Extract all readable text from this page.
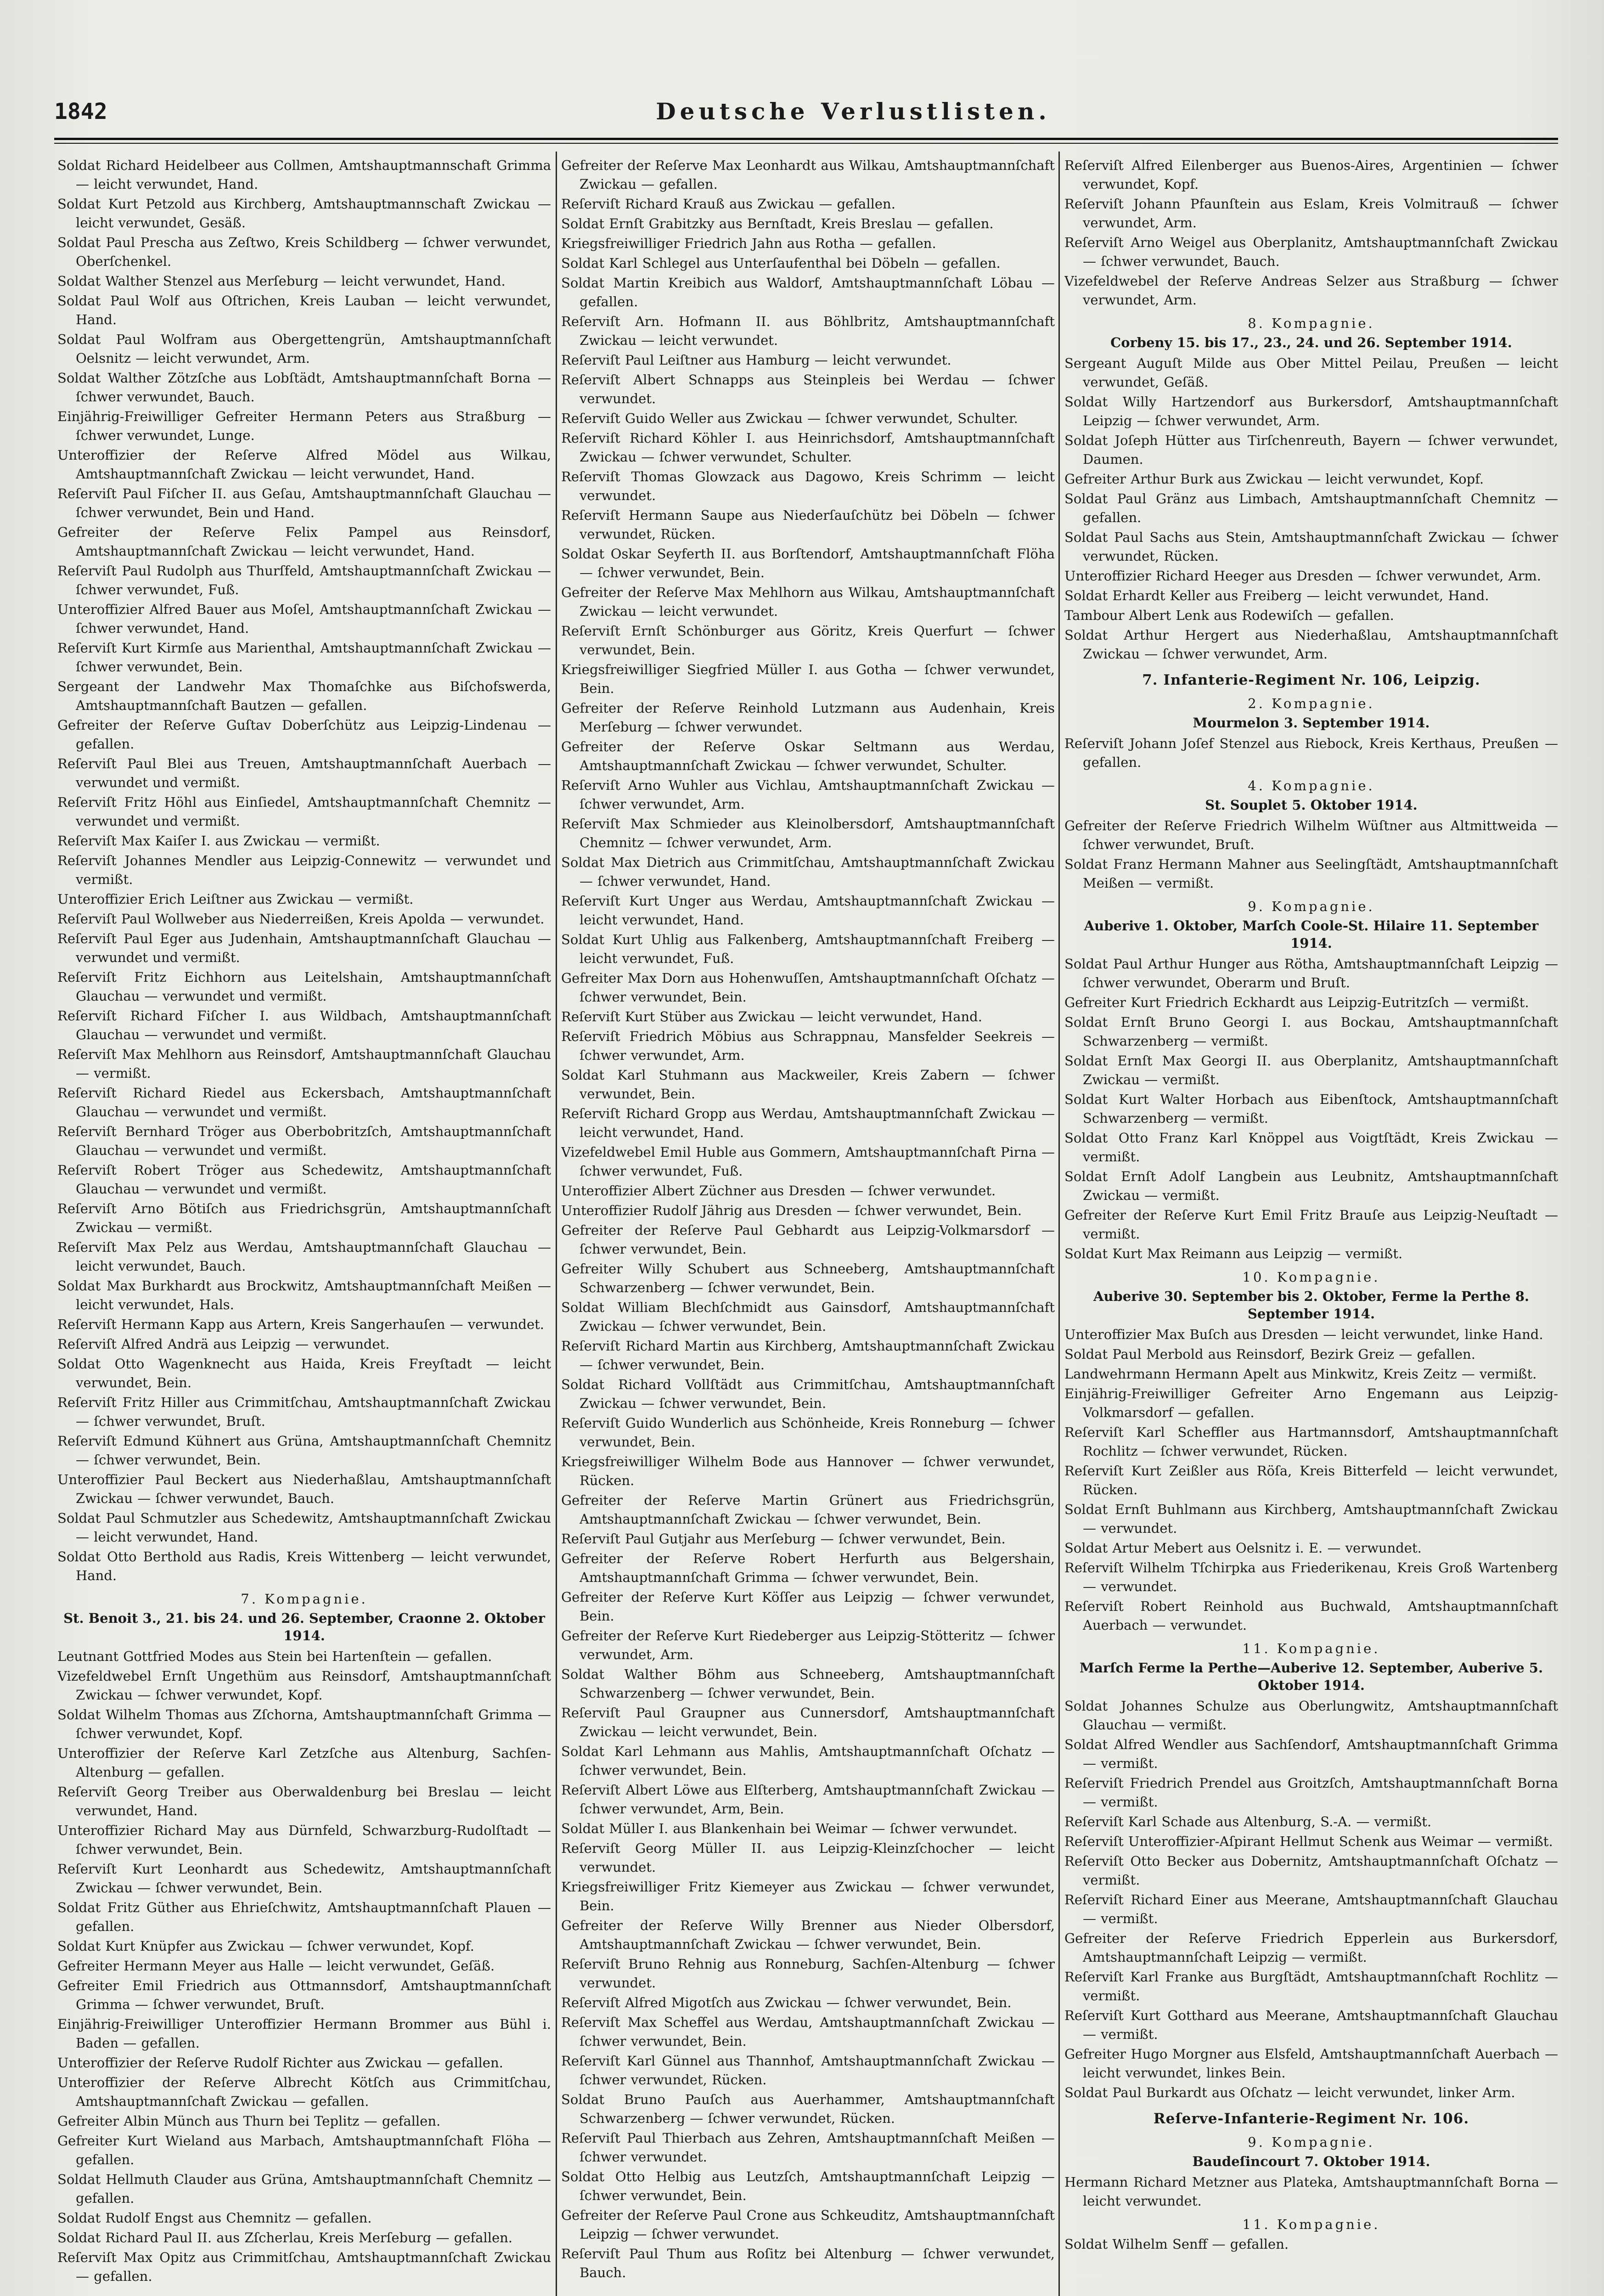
1842	Deutsche Verlustlisten.

Soldat Richard Heidelbeer aus Collmen, Amtshauptmannschaft Grimma — leicht verwundet, Hand.

Soldat Kurt Petzold aus Kirchberg, Amtshauptmannschaft Zwickau — leicht verwundet, Gesäß.

Soldat Paul Prescha aus Zeſtwo, Kreis Schildberg — ſchwer verwundet, Oberſchenkel.

Soldat Walther Stenzel aus Merſeburg — leicht verwundet, Hand.

Soldat Paul Wolf aus Oſtrichen, Kreis Lauban — leicht verwundet, Hand.

Soldat Paul Wolfram aus Obergettengrün, Amtshauptmannſchaft Oelsnitz — leicht verwundet, Arm.

Soldat Walther Zötzſche aus Lobſtädt, Amtshauptmannſchaft Borna — ſchwer verwundet, Bauch.

Einjährig-Freiwilliger Gefreiter Hermann Peters aus Straßburg — ſchwer verwundet, Lunge.

Unteroffizier der Reſerve Alfred Mödel aus Wilkau, Amtshauptmannſchaft Zwickau — leicht verwundet, Hand.

Reſerviſt Paul Fiſcher II. aus Geſau, Amtshauptmannſchaft Glauchau — ſchwer verwundet, Bein und Hand.

Gefreiter der Reſerve Felix Pampel aus Reinsdorf, Amtshauptmannſchaft Zwickau — leicht verwundet, Hand.

Reſerviſt Paul Rudolph aus Thurſfeld, Amtshauptmannſchaft Zwickau — ſchwer verwundet, Fuß.

Unteroffizier Alfred Bauer aus Moſel, Amtshauptmannſchaft Zwickau — ſchwer verwundet, Hand.

Reſerviſt Kurt Kirmſe aus Marienthal, Amtshauptmannſchaft Zwickau — ſchwer verwundet, Bein.

Sergeant der Landwehr Max Thomaſchke aus Biſchofswerda, Amtshauptmannſchaft Bautzen — gefallen.

Gefreiter der Reſerve Guſtav Doberſchütz aus Leipzig-Lindenau — gefallen.

Reſerviſt Paul Blei aus Treuen, Amtshauptmannſchaft Auerbach — verwundet und vermißt.

Reſerviſt Fritz Höhl aus Einſiedel, Amtshauptmannſchaft Chemnitz — verwundet und vermißt.

Reſerviſt Max Kaiſer I. aus Zwickau — vermißt.

Reſerviſt Johannes Mendler aus Leipzig-Connewitz — verwundet und vermißt.

Unteroffizier Erich Leiſtner aus Zwickau — vermißt.

Reſerviſt Paul Wollweber aus Niederreißen, Kreis Apolda — verwundet.

Reſerviſt Paul Eger aus Judenhain, Amtshauptmannſchaft Glauchau — verwundet und vermißt.

Reſerviſt Fritz Eichhorn aus Leitelshain, Amtshauptmannſchaft Glauchau — verwundet und vermißt.

Reſerviſt Richard Fiſcher I. aus Wildbach, Amtshauptmannſchaft Glauchau — verwundet und vermißt.

Reſerviſt Max Mehlhorn aus Reinsdorf, Amtshauptmannſchaft Glauchau — vermißt.

Reſerviſt Richard Riedel aus Eckersbach, Amtshauptmannſchaft Glauchau — verwundet und vermißt.

Reſerviſt Bernhard Tröger aus Oberbobritzſch, Amtshauptmannſchaft Glauchau — verwundet und vermißt.

Reſerviſt Robert Tröger aus Schedewitz, Amtshauptmannſchaft Glauchau — verwundet und vermißt.

Reſerviſt Arno Bötiſch aus Friedrichsgrün, Amtshauptmannſchaft Zwickau — vermißt.

Reſerviſt Max Pelz aus Werdau, Amtshauptmannſchaft Glauchau — leicht verwundet, Bauch.

Soldat Max Burkhardt aus Brockwitz, Amtshauptmannſchaft Meißen — leicht verwundet, Hals.

Reſerviſt Hermann Kapp aus Artern, Kreis Sangerhauſen — verwundet.

Reſerviſt Alfred Andrä aus Leipzig — verwundet.

Soldat Otto Wagenknecht aus Haida, Kreis Freyſtadt — leicht verwundet, Bein.

Reſerviſt Fritz Hiller aus Crimmitſchau, Amtshauptmannſchaft Zwickau — ſchwer verwundet, Bruſt.

Reſerviſt Edmund Kühnert aus Grüna, Amtshauptmannſchaft Chemnitz — ſchwer verwundet, Bein.

Unteroffizier Paul Beckert aus Niederhaßlau, Amtshauptmannſchaft Zwickau — ſchwer verwundet, Bauch.

Soldat Paul Schmutzler aus Schedewitz, Amtshauptmannſchaft Zwickau — leicht verwundet, Hand.

Soldat Otto Berthold aus Radis, Kreis Wittenberg — leicht verwundet, Hand.

7. Kompagnie.

St. Benoit 3., 21. bis 24. und 26. September, Craonne 2. Oktober 1914.

Leutnant Gottfried Modes aus Stein bei Hartenſtein — gefallen.

Vizefeldwebel Ernſt Ungethüm aus Reinsdorf, Amtshauptmannſchaft Zwickau — ſchwer verwundet, Kopf.

Soldat Wilhelm Thomas aus Zſchorna, Amtshauptmannſchaft Grimma — ſchwer verwundet, Kopf.

Unteroffizier der Reſerve Karl Zetzſche aus Altenburg, Sachſen-Altenburg — gefallen.

Reſerviſt Georg Treiber aus Oberwaldenburg bei Breslau — leicht verwundet, Hand.

Unteroffizier Richard May aus Dürnfeld, Schwarzburg-Rudolſtadt — ſchwer verwundet, Bein.

Reſerviſt Kurt Leonhardt aus Schedewitz, Amtshauptmannſchaft Zwickau — ſchwer verwundet, Bein.

Soldat Fritz Güther aus Ehrieſchwitz, Amtshauptmannſchaft Plauen — gefallen.

Soldat Kurt Knüpfer aus Zwickau — ſchwer verwundet, Kopf.

Gefreiter Hermann Meyer aus Halle — leicht verwundet, Geſäß.

Gefreiter Emil Friedrich aus Ottmannsdorf, Amtshauptmannſchaft Grimma — ſchwer verwundet, Bruſt.

Einjährig-Freiwilliger Unteroffizier Hermann Brommer aus Bühl i. Baden — gefallen.

Unteroffizier der Reſerve Rudolf Richter aus Zwickau — gefallen.

Unteroffizier der Reſerve Albrecht Kötſch aus Crimmitſchau, Amtshauptmannſchaft Zwickau — gefallen.

Gefreiter Albin Münch aus Thurn bei Teplitz — gefallen.

Gefreiter Kurt Wieland aus Marbach, Amtshauptmannſchaft Flöha — gefallen.

Soldat Hellmuth Clauder aus Grüna, Amtshauptmannſchaft Chemnitz — gefallen.

Soldat Rudolf Engst aus Chemnitz — gefallen.

Soldat Richard Paul II. aus Zſcherlau, Kreis Merſeburg — gefallen.

Reſerviſt Max Opitz aus Crimmitſchau, Amtshauptmannſchaft Zwickau — gefallen.

Gefreiter der Reſerve Max Leonhardt aus Wilkau, Amtshauptmannſchaft Zwickau — gefallen.

Reſerviſt Richard Krauß aus Zwickau — gefallen.

Soldat Ernſt Grabitzky aus Bernſtadt, Kreis Breslau — gefallen.

Kriegsfreiwilliger Friedrich Jahn aus Rotha — gefallen.

Soldat Karl Schlegel aus Unterſaufenthal bei Döbeln — gefallen.

Soldat Martin Kreibich aus Waldorf, Amtshauptmannſchaft Löbau — gefallen.

Reſerviſt Arn. Hofmann II. aus Böhlbritz, Amtshauptmannſchaft Zwickau — leicht verwundet.

Reſerviſt Paul Leiſtner aus Hamburg — leicht verwundet.

Reſerviſt Albert Schnapps aus Steinpleis bei Werdau — ſchwer verwundet.

Reſerviſt Guido Weller aus Zwickau — ſchwer verwundet, Schulter.

Reſerviſt Richard Köhler I. aus Heinrichsdorf, Amtshauptmannſchaft Zwickau — ſchwer verwundet, Schulter.

Reſerviſt Thomas Glowzack aus Dagowo, Kreis Schrimm — leicht verwundet.

Reſerviſt Hermann Saupe aus Niederſauſchütz bei Döbeln — ſchwer verwundet, Rücken.

Soldat Oskar Seyferth II. aus Borſtendorf, Amtshauptmannſchaft Flöha — ſchwer verwundet, Bein.

Gefreiter der Reſerve Max Mehlhorn aus Wilkau, Amtshauptmannſchaft Zwickau — leicht verwundet.

Reſerviſt Ernſt Schönburger aus Göritz, Kreis Querfurt — ſchwer verwundet, Bein.

Kriegsfreiwilliger Siegfried Müller I. aus Gotha — ſchwer verwundet, Bein.

Gefreiter der Reſerve Reinhold Lutzmann aus Audenhain, Kreis Merſeburg — ſchwer verwundet.

Gefreiter der Reſerve Oskar Seltmann aus Werdau, Amtshauptmannſchaft Zwickau — ſchwer verwundet, Schulter.

Reſerviſt Arno Wuhler aus Vichlau, Amtshauptmannſchaft Zwickau — ſchwer verwundet, Arm.

Reſerviſt Max Schmieder aus Kleinolbersdorf, Amtshauptmannſchaft Chemnitz — ſchwer verwundet, Arm.

Soldat Max Dietrich aus Crimmitſchau, Amtshauptmannſchaft Zwickau — ſchwer verwundet, Hand.

Reſerviſt Kurt Unger aus Werdau, Amtshauptmannſchaft Zwickau — leicht verwundet, Hand.

Soldat Kurt Uhlig aus Falkenberg, Amtshauptmannſchaft Freiberg — leicht verwundet, Fuß.

Gefreiter Max Dorn aus Hohenwuſſen, Amtshauptmannſchaft Oſchatz — ſchwer verwundet, Bein.

Reſerviſt Kurt Stüber aus Zwickau — leicht verwundet, Hand.

Reſerviſt Friedrich Möbius aus Schrappnau, Mansfelder Seekreis — ſchwer verwundet, Arm.

Soldat Karl Stuhmann aus Mackweiler, Kreis Zabern — ſchwer verwundet, Bein.

Reſerviſt Richard Gropp aus Werdau, Amtshauptmannſchaft Zwickau — leicht verwundet, Hand.

Vizefeldwebel Emil Huble aus Gommern, Amtshauptmannſchaft Pirna — ſchwer verwundet, Fuß.

Unteroffizier Albert Züchner aus Dresden — ſchwer verwundet.

Unteroffizier Rudolf Jährig aus Dresden — ſchwer verwundet, Bein.

Gefreiter der Reſerve Paul Gebhardt aus Leipzig-Volkmarsdorf — ſchwer verwundet, Bein.

Gefreiter Willy Schubert aus Schneeberg, Amtshauptmannſchaft Schwarzenberg — ſchwer verwundet, Bein.

Soldat William Blechſchmidt aus Gainsdorf, Amtshauptmannſchaft Zwickau — ſchwer verwundet, Bein.

Reſerviſt Richard Martin aus Kirchberg, Amtshauptmannſchaft Zwickau — ſchwer verwundet, Bein.

Soldat Richard Vollſtädt aus Crimmitſchau, Amtshauptmannſchaft Zwickau — ſchwer verwundet, Bein.

Reſerviſt Guido Wunderlich aus Schönheide, Kreis Ronneburg — ſchwer verwundet, Bein.

Kriegsfreiwilliger Wilhelm Bode aus Hannover — ſchwer verwundet, Rücken.

Gefreiter der Reſerve Martin Grünert aus Friedrichsgrün, Amtshauptmannſchaft Zwickau — ſchwer verwundet, Bein.

Reſerviſt Paul Gutjahr aus Merſeburg — ſchwer verwundet, Bein.

Gefreiter der Reſerve Robert Herfurth aus Belgershain, Amtshauptmannſchaft Grimma — ſchwer verwundet, Bein.

Gefreiter der Reſerve Kurt Köſſer aus Leipzig — ſchwer verwundet, Bein.

Gefreiter der Reſerve Kurt Riedeberger aus Leipzig-Stötteritz — ſchwer verwundet, Arm.

Soldat Walther Böhm aus Schneeberg, Amtshauptmannſchaft Schwarzenberg — ſchwer verwundet, Bein.

Reſerviſt Paul Graupner aus Cunnersdorf, Amtshauptmannſchaft Zwickau — leicht verwundet, Bein.

Soldat Karl Lehmann aus Mahlis, Amtshauptmannſchaft Oſchatz — ſchwer verwundet, Bein.

Reſerviſt Albert Löwe aus Elſterberg, Amtshauptmannſchaft Zwickau — ſchwer verwundet, Arm, Bein.

Soldat Müller I. aus Blankenhain bei Weimar — ſchwer verwundet.

Reſerviſt Georg Müller II. aus Leipzig-Kleinzſchocher — leicht verwundet.

Kriegsfreiwilliger Fritz Kiemeyer aus Zwickau — ſchwer verwundet, Bein.

Gefreiter der Reſerve Willy Brenner aus Nieder Olbersdorf, Amtshauptmannſchaft Zwickau — ſchwer verwundet, Bein.

Reſerviſt Bruno Rehnig aus Ronneburg, Sachſen-Altenburg — ſchwer verwundet.

Reſerviſt Alfred Migotſch aus Zwickau — ſchwer verwundet, Bein.

Reſerviſt Max Scheffel aus Werdau, Amtshauptmannſchaft Zwickau — ſchwer verwundet, Bein.

Reſerviſt Karl Günnel aus Thannhof, Amtshauptmannſchaft Zwickau — ſchwer verwundet, Rücken.

Soldat Bruno Pauſch aus Auerhammer, Amtshauptmannſchaft Schwarzenberg — ſchwer verwundet, Rücken.

Reſerviſt Paul Thierbach aus Zehren, Amtshauptmannſchaft Meißen — ſchwer verwundet.

Soldat Otto Helbig aus Leutzſch, Amtshauptmannſchaft Leipzig — ſchwer verwundet, Bein.

Gefreiter der Reſerve Paul Crone aus Schkeuditz, Amtshauptmannſchaft Leipzig — ſchwer verwundet.

Reſerviſt Paul Thum aus Roſitz bei Altenburg — ſchwer verwundet, Bauch.

Reſerviſt Alfred Eilenberger aus Buenos-Aires, Argentinien — ſchwer verwundet, Kopf.

Reſerviſt Johann Pfaunſtein aus Eslam, Kreis Volmitrauß — ſchwer verwundet, Arm.

Reſerviſt Arno Weigel aus Oberplanitz, Amtshauptmannſchaft Zwickau — ſchwer verwundet, Bauch.

Vizefeldwebel der Reſerve Andreas Selzer aus Straßburg — ſchwer verwundet, Arm.

8. Kompagnie.

Corbeny 15. bis 17., 23., 24. und 26. September 1914.

Sergeant Auguſt Milde aus Ober Mittel Peilau, Preußen — leicht verwundet, Geſäß.

Soldat Willy Hartzendorf aus Burkersdorf, Amtshauptmannſchaft Leipzig — ſchwer verwundet, Arm.

Soldat Joſeph Hütter aus Tirſchenreuth, Bayern — ſchwer verwundet, Daumen.

Gefreiter Arthur Burk aus Zwickau — leicht verwundet, Kopf.

Soldat Paul Gränz aus Limbach, Amtshauptmannſchaft Chemnitz — gefallen.

Soldat Paul Sachs aus Stein, Amtshauptmannſchaft Zwickau — ſchwer verwundet, Rücken.

Unteroffizier Richard Heeger aus Dresden — ſchwer verwundet, Arm.

Soldat Erhardt Keller aus Freiberg — leicht verwundet, Hand.

Tambour Albert Lenk aus Rodewiſch — gefallen.

Soldat Arthur Hergert aus Niederhaßlau, Amtshauptmannſchaft Zwickau — ſchwer verwundet, Arm.

7. Infanterie-Regiment Nr. 106, Leipzig.

2. Kompagnie.

Mourmelon 3. September 1914.

Reſerviſt Johann Joſef Stenzel aus Riebock, Kreis Kerthaus, Preußen — gefallen.

4. Kompagnie.

St. Souplet 5. Oktober 1914.

Gefreiter der Reſerve Friedrich Wilhelm Wüſtner aus Altmittweida — ſchwer verwundet, Bruſt.

Soldat Franz Hermann Mahner aus Seelingſtädt, Amtshauptmannſchaft Meißen — vermißt.

9. Kompagnie.

Auberive 1. Oktober, Marſch Coole-St. Hilaire 11. September 1914.

Soldat Paul Arthur Hunger aus Rötha, Amtshauptmannſchaft Leipzig — ſchwer verwundet, Oberarm und Bruſt.

Gefreiter Kurt Friedrich Eckhardt aus Leipzig-Eutritzſch — vermißt.

Soldat Ernſt Bruno Georgi I. aus Bockau, Amtshauptmannſchaft Schwarzenberg — vermißt.

Soldat Ernſt Max Georgi II. aus Oberplanitz, Amtshauptmannſchaft Zwickau — vermißt.

Soldat Kurt Walter Horbach aus Eibenſtock, Amtshauptmannſchaft Schwarzenberg — vermißt.

Soldat Otto Franz Karl Knöppel aus Voigtſtädt, Kreis Zwickau — vermißt.

Soldat Ernſt Adolf Langbein aus Leubnitz, Amtshauptmannſchaft Zwickau — vermißt.

Gefreiter der Reſerve Kurt Emil Fritz Brauſe aus Leipzig-Neuſtadt — vermißt.

Soldat Kurt Max Reimann aus Leipzig — vermißt.

10. Kompagnie.

Auberive 30. September bis 2. Oktober, Ferme la Perthe 8. September 1914.

Unteroffizier Max Buſch aus Dresden — leicht verwundet, linke Hand.

Soldat Paul Merbold aus Reinsdorf, Bezirk Greiz — gefallen.

Landwehrmann Hermann Apelt aus Minkwitz, Kreis Zeitz — vermißt.

Einjährig-Freiwilliger Gefreiter Arno Engemann aus Leipzig-Volkmarsdorf — gefallen.

Reſerviſt Karl Scheffler aus Hartmannsdorf, Amtshauptmannſchaft Rochlitz — ſchwer verwundet, Rücken.

Reſerviſt Kurt Zeißler aus Röſa, Kreis Bitterfeld — leicht verwundet, Rücken.

Soldat Ernſt Buhlmann aus Kirchberg, Amtshauptmannſchaft Zwickau — verwundet.

Soldat Artur Mebert aus Oelsnitz i. E. — verwundet.

Reſerviſt Wilhelm Tſchirpka aus Friederikenau, Kreis Groß Wartenberg — verwundet.

Reſerviſt Robert Reinhold aus Buchwald, Amtshauptmannſchaft Auerbach — verwundet.

11. Kompagnie.

Marſch Ferme la Perthe—Auberive 12. September, Auberive 5. Oktober 1914.

Soldat Johannes Schulze aus Oberlungwitz, Amtshauptmannſchaft Glauchau — vermißt.

Soldat Alfred Wendler aus Sachſendorf, Amtshauptmannſchaft Grimma — vermißt.

Reſerviſt Friedrich Prendel aus Groitzſch, Amtshauptmannſchaft Borna — vermißt.

Reſerviſt Karl Schade aus Altenburg, S.-A. — vermißt.

Reſerviſt Unteroffizier-Aſpirant Hellmut Schenk aus Weimar — vermißt.

Reſerviſt Otto Becker aus Dobernitz, Amtshauptmannſchaft Oſchatz — vermißt.

Reſerviſt Richard Einer aus Meerane, Amtshauptmannſchaft Glauchau — vermißt.

Gefreiter der Reſerve Friedrich Epperlein aus Burkersdorf, Amtshauptmannſchaft Leipzig — vermißt.

Reſerviſt Karl Franke aus Burgſtädt, Amtshauptmannſchaft Rochlitz — vermißt.

Reſerviſt Kurt Gotthard aus Meerane, Amtshauptmannſchaft Glauchau — vermißt.

Gefreiter Hugo Morgner aus Elsfeld, Amtshauptmannſchaft Auerbach — leicht verwundet, linkes Bein.

Soldat Paul Burkardt aus Oſchatz — leicht verwundet, linker Arm.

Reſerve-Infanterie-Regiment Nr. 106.

9. Kompagnie.

Baudeſincourt 7. Oktober 1914.

Hermann Richard Metzner aus Plateka, Amtshauptmannſchaft Borna — leicht verwundet.

11. Kompagnie.

Soldat Wilhelm Senff — gefallen.
